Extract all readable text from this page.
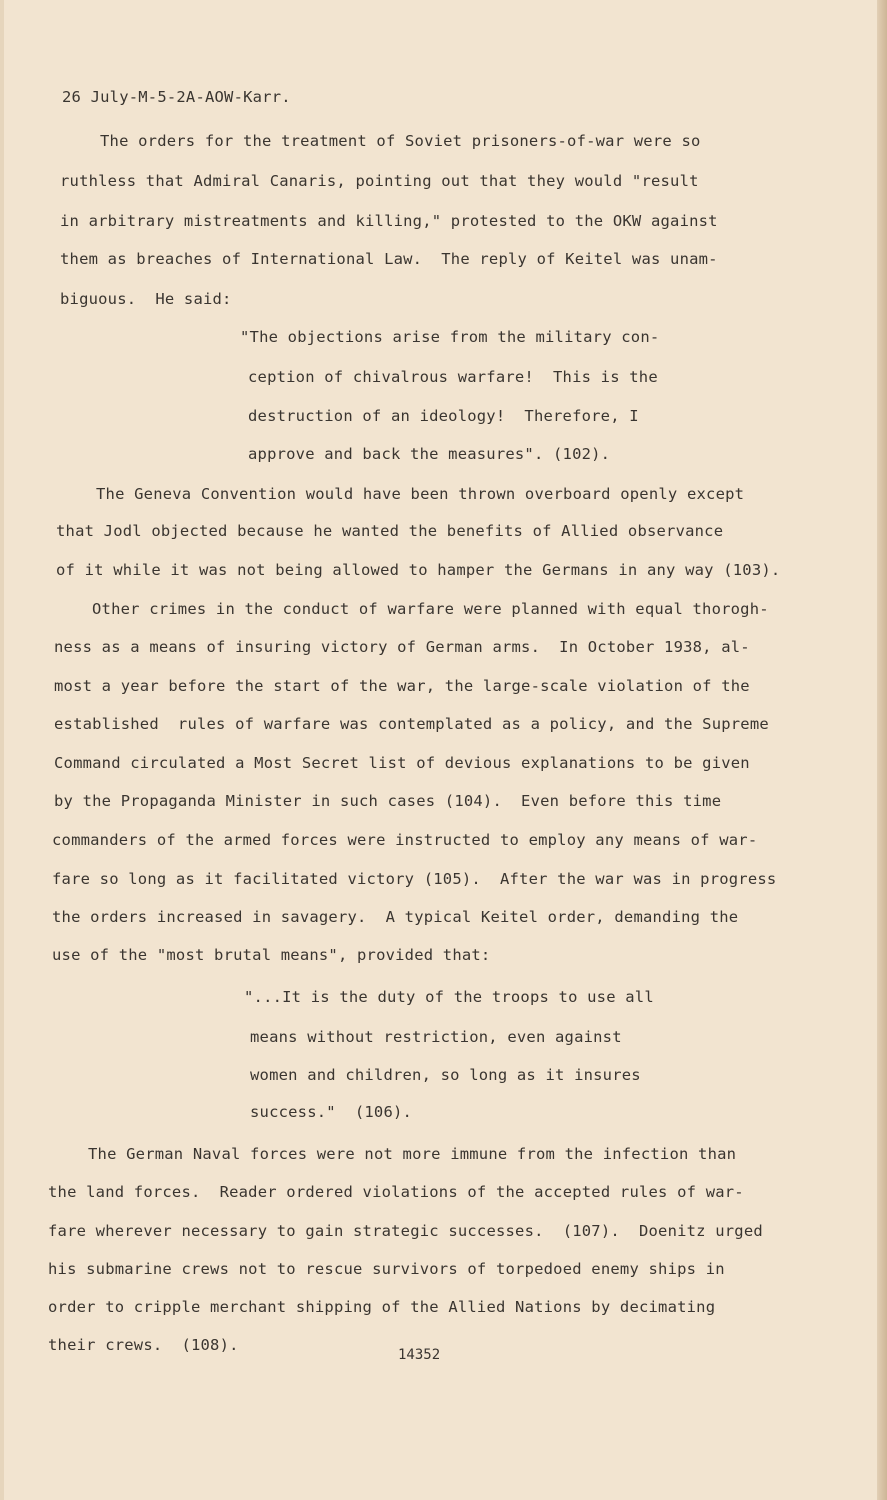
26 July-M-5-2A-AOW-Karr.
The orders for the treatment of Soviet prisoners-of-war were so
ruthless that Admiral Canaris, pointing out that they would "result
in arbitrary mistreatments and killing," protested to the OKW against
them as breaches of International Law.  The reply of Keitel was unam-
biguous.  He said:
"The objections arise from the military con-
ception of chivalrous warfare!  This is the
destruction of an ideology!  Therefore, I
approve and back the measures". (102).
The Geneva Convention would have been thrown overboard openly except
that Jodl objected because he wanted the benefits of Allied observance
of it while it was not being allowed to hamper the Germans in any way (103).
Other crimes in the conduct of warfare were planned with equal thorogh-
ness as a means of insuring victory of German arms.  In October 1938, al-
most a year before the start of the war, the large-scale violation of the
established  rules of warfare was contemplated as a policy, and the Supreme
Command circulated a Most Secret list of devious explanations to be given
by the Propaganda Minister in such cases (104).  Even before this time
commanders of the armed forces were instructed to employ any means of war-
fare so long as it facilitated victory (105).  After the war was in progress
the orders increased in savagery.  A typical Keitel order, demanding the
use of the "most brutal means", provided that:
"...It is the duty of the troops to use all
means without restriction, even against
women and children, so long as it insures
success."  (106).
The German Naval forces were not more immune from the infection than
the land forces.  Reader ordered violations of the accepted rules of war-
fare wherever necessary to gain strategic successes.  (107).  Doenitz urged
his submarine crews not to rescue survivors of torpedoed enemy ships in
order to cripple merchant shipping of the Allied Nations by decimating
their crews.  (108).
14352
